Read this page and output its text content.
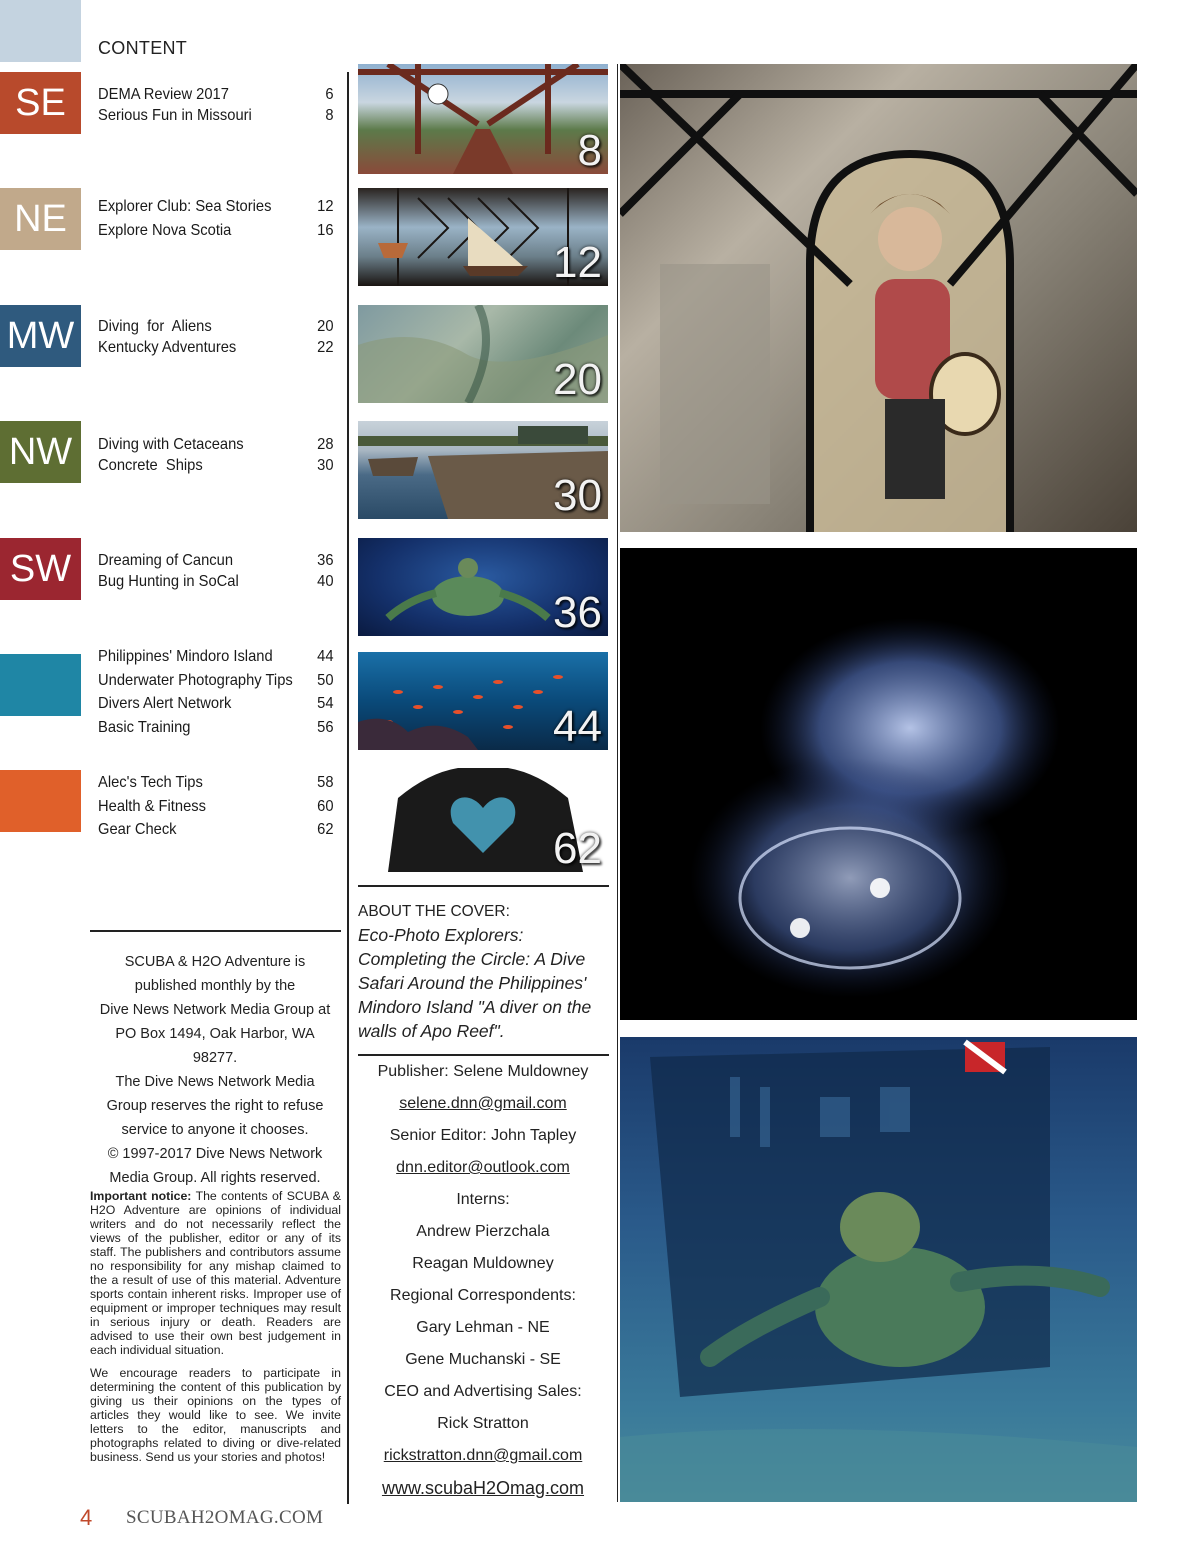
CONTENT
SE
NE
MW
NW
SW
DEMA Review 2017	6
Serious Fun in Missouri	8
Explorer Club: Sea Stories	12
Explore Nova Scotia	16
Diving  for  Aliens	20
Kentucky Adventures	22
Diving with Cetaceans	28
Concrete  Ships	30
Dreaming of Cancun	36
Bug Hunting in SoCal	40
Philippines' Mindoro Island	44
Underwater Photography Tips 50
Divers Alert Network	54
Basic Training	56
Alec's Tech Tips	58
Health & Fitness	60
Gear Check	62
8
12
20
30
36
44
62
SCUBA & H2O Adventure is
published monthly by the
Dive News Network Media Group at
PO Box 1494, Oak Harbor, WA 98277.
The Dive News Network Media
Group reserves the right to refuse
service to anyone it chooses.
© 1997-2017 Dive News Network
Media Group. All rights reserved.

Important notice: The contents of SCUBA & H2O Adventure are opinions of individual writers and do not necessarily reflect the views of the publisher, editor or any of its staff. The publishers and contributors assume no responsibility for any mishap claimed to the a result of use of this material. Adventure sports contain inherent risks. Improper use of equipment or improper techniques may result in serious injury or death. Readers are advised to use their own best judgement in each individual situation.

We encourage readers to participate in determining the content of this publication by giving us their opinions on the types of articles they would like to see. We invite letters to the editor, manuscripts and photographs related to diving or dive-related business. Send us your stories and photos!

ABOUT THE COVER:
Eco-Photo Explorers: Completing the Circle: A Dive Safari Around the Philippines' Mindoro Island "A diver on the walls of Apo Reef".
Publisher: Selene Muldowney
selene.dnn@gmail.com
Senior Editor: John Tapley
dnn.editor@outlook.com
Interns:
Andrew Pierzchala
Reagan Muldowney
Regional Correspondents:
Gary Lehman - NE
Gene Muchanski - SE
CEO and Advertising Sales:
Rick Stratton
rickstratton.dnn@gmail.com
www.scubaH2Omag.com
4 SCUBAH2OMAG.COM
